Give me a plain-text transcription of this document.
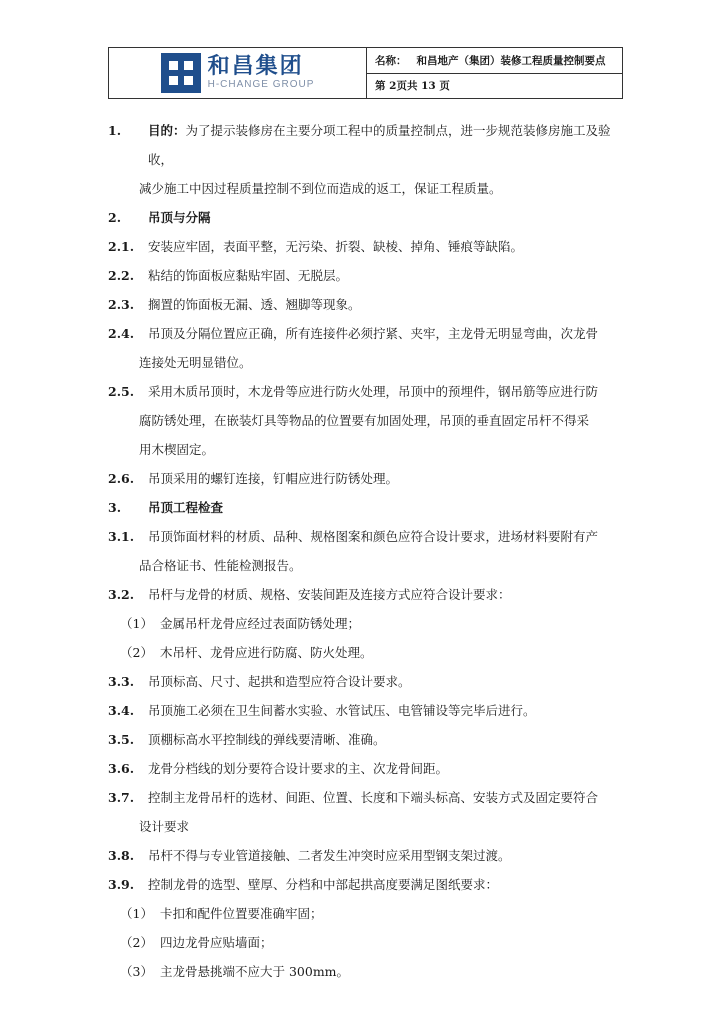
和昌集团
H-CHANGE GROUP
名称： 和昌地产（集团）装修工程质量控制要点
第 2页共 13 页
1.	目的：为了提示装修房在主要分项工程中的质量控制点，进一步规范装修房施工及验收，
减少施工中因过程质量控制不到位而造成的返工，保证工程质量。
2.	吊顶与分隔
2.1.	安装应牢固，表面平整，无污染、折裂、缺棱、掉角、锤痕等缺陷。
2.2.	粘结的饰面板应黏贴牢固、无脱层。
2.3.	搁置的饰面板无漏、透、翘脚等现象。
2.4.	吊顶及分隔位置应正确，所有连接件必须拧紧、夹牢，主龙骨无明显弯曲，次龙骨
连接处无明显错位。
2.5.	采用木质吊顶时，木龙骨等应进行防火处理，吊顶中的预埋件，钢吊筋等应进行防
腐防锈处理，在嵌装灯具等物品的位置要有加固处理，吊顶的垂直固定吊杆不得采
用木楔固定。
2.6.	吊顶采用的螺钉连接，钉帽应进行防锈处理。
3.	吊顶工程检查
3.1.	吊顶饰面材料的材质、品种、规格图案和颜色应符合设计要求，进场材料要附有产
品合格证书、性能检测报告。
3.2.	吊杆与龙骨的材质、规格、安装间距及连接方式应符合设计要求：
（1） 金属吊杆龙骨应经过表面防锈处理；
（2） 木吊杆、龙骨应进行防腐、防火处理。
3.3.	吊顶标高、尺寸、起拱和造型应符合设计要求。
3.4.	吊顶施工必须在卫生间蓄水实验、水管试压、电管铺设等完毕后进行。
3.5.	顶棚标高水平控制线的弹线要清晰、准确。
3.6.	龙骨分档线的划分要符合设计要求的主、次龙骨间距。
3.7.	控制主龙骨吊杆的选材、间距、位置、长度和下端头标高、安装方式及固定要符合
设计要求
3.8.	吊杆不得与专业管道接触、二者发生冲突时应采用型钢支架过渡。
3.9.	控制龙骨的选型、壁厚、分档和中部起拱高度要满足图纸要求：
（1） 卡扣和配件位置要准确牢固；
（2） 四边龙骨应贴墙面；
（3） 主龙骨悬挑端不应大于 300mm。
